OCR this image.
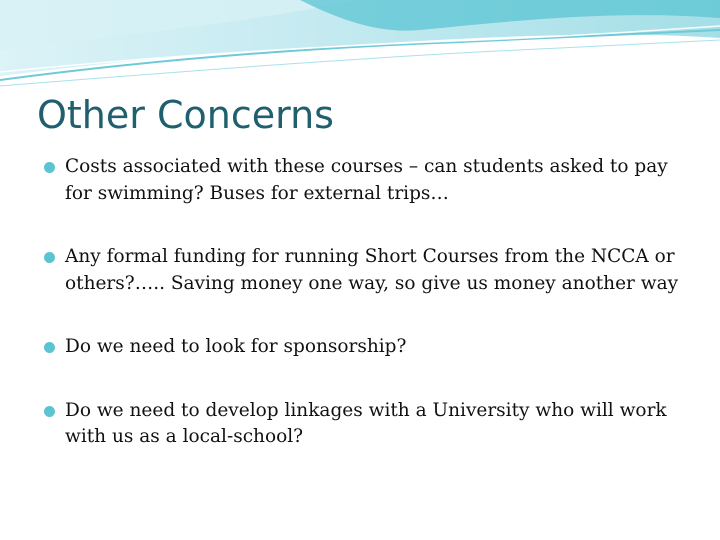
Other Concerns
Costs associated with these courses – can students asked to pay for swimming? Buses for external trips…
Any formal funding for running Short Courses from the NCCA or others?….. Saving money one way, so give us money another way
Do we need to look for sponsorship?
Do we need to develop linkages with a University who will work with us as a local-school?
